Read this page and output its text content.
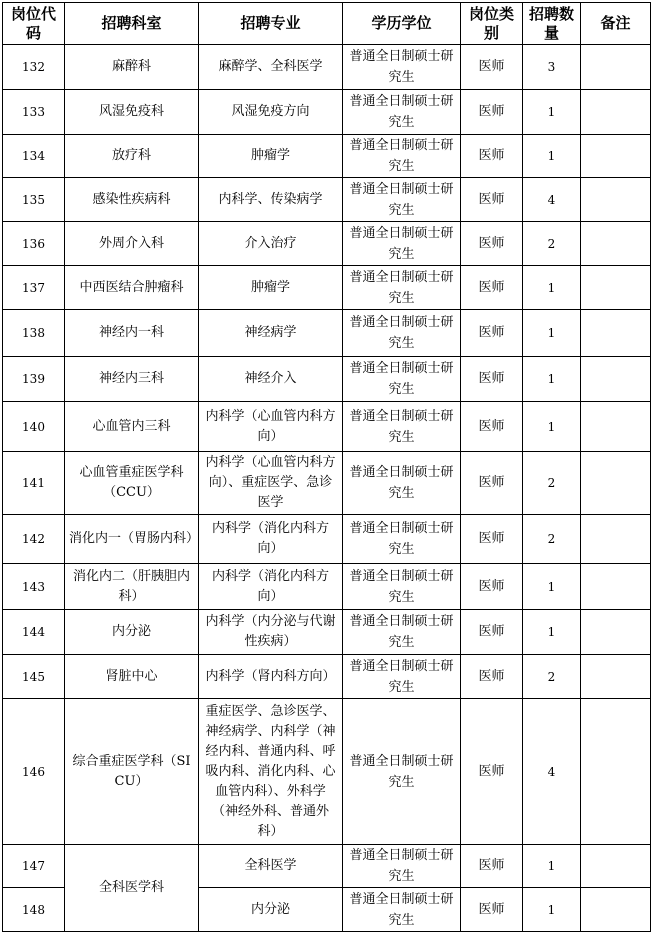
岗位代码	招聘科室	招聘专业	学历学位	岗位类别	招聘数量	备注
132	麻醉科	麻醉学、全科医学	普通全日制硕士研究生	医师	3	
133	风湿免疫科	风湿免疫方向	普通全日制硕士研究生	医师	1	
134	放疗科	肿瘤学	普通全日制硕士研究生	医师	1	
135	感染性疾病科	内科学、传染病学	普通全日制硕士研究生	医师	4	
136	外周介入科	介入治疗	普通全日制硕士研究生	医师	2	
137	中西医结合肿瘤科	肿瘤学	普通全日制硕士研究生	医师	1	
138	神经内一科	神经病学	普通全日制硕士研究生	医师	1	
139	神经内三科	神经介入	普通全日制硕士研究生	医师	1	
140	心血管内三科	内科学（心血管内科方向）	普通全日制硕士研究生	医师	1	
141	心血管重症医学科（CCU）	内科学（心血管内科方向）、重症医学、急诊医学	普通全日制硕士研究生	医师	2	
142	消化内一（胃肠内科）	内科学（消化内科方向）	普通全日制硕士研究生	医师	2	
143	消化内二（肝胰胆内科）	内科学（消化内科方向）	普通全日制硕士研究生	医师	1	
144	内分泌	内科学（内分泌与代谢性疾病）	普通全日制硕士研究生	医师	1	
145	肾脏中心	内科学（肾内科方向）	普通全日制硕士研究生	医师	2	
146	综合重症医学科（SICU）	重症医学、急诊医学、神经病学、内科学（神经内科、普通内科、呼吸内科、消化内科、心血管内科）、外科学（神经外科、普通外科）	普通全日制硕士研究生	医师	4	
147	全科医学科	全科医学	普通全日制硕士研究生	医师	1	
148		内分泌	普通全日制硕士研究生	医师	1	
